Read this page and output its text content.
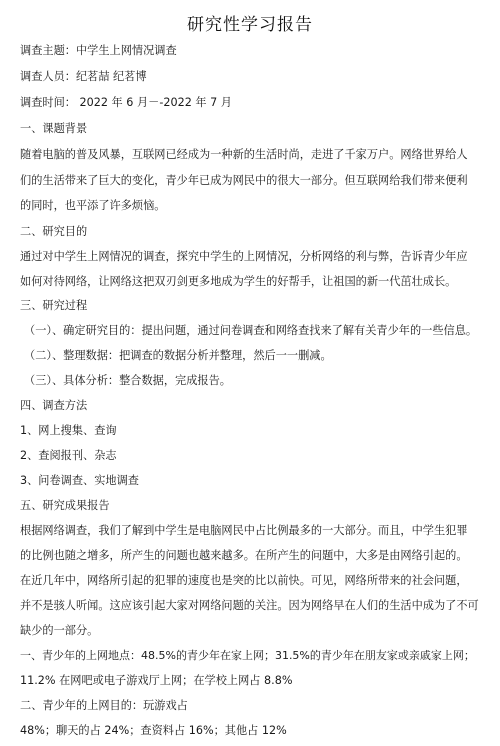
研究性学习报告
调查主题：中学生上网情况调查
调查人员：纪茗喆 纪茗博
调查时间： 2022 年 6 月－-2022 年 7 月
一、课题背景
随着电脑的普及风暴，互联网已经成为一种新的生活时尚，走进了千家万户。网络世界给人
们的生活带来了巨大的变化，青少年已成为网民中的很大一部分。但互联网给我们带来便利
的同时，也平添了许多烦恼。
二、研究目的
通过对中学生上网情况的调查，探究中学生的上网情况，分析网络的利与弊，告诉青少年应
如何对待网络，让网络这把双刃剑更多地成为学生的好帮手，让祖国的新一代茁壮成长。
三、研究过程
（一）、确定研究目的：提出问题，通过问卷调查和网络查找来了解有关青少年的一些信息。
（二）、整理数据：把调查的数据分析并整理，然后一一删减。
（三）、具体分析：整合数据，完成报告。
四、调查方法
1、网上搜集、查询
2、查阅报刊、杂志
3、问卷调查、实地调查
五、研究成果报告
根据网络调查，我们了解到中学生是电脑网民中占比例最多的一大部分。而且，中学生犯罪
的比例也随之增多，所产生的问题也越来越多。在所产生的问题中，大多是由网络引起的。
在近几年中，网络所引起的犯罪的速度也是突的比以前快。可见，网络所带来的社会问题，
并不是骇人听闻。这应该引起大家对网络问题的关注。因为网络早在人们的生活中成为了不可
缺少的一部分。
一、青少年的上网地点：48.5%的青少年在家上网；31.5%的青少年在朋友家或亲戚家上网；
11.2% 在网吧或电子游戏厅上网；在学校上网占 8.8%
二、青少年的上网目的：玩游戏占
48%；聊天的占 24%；查资料占 16%；其他占 12%
